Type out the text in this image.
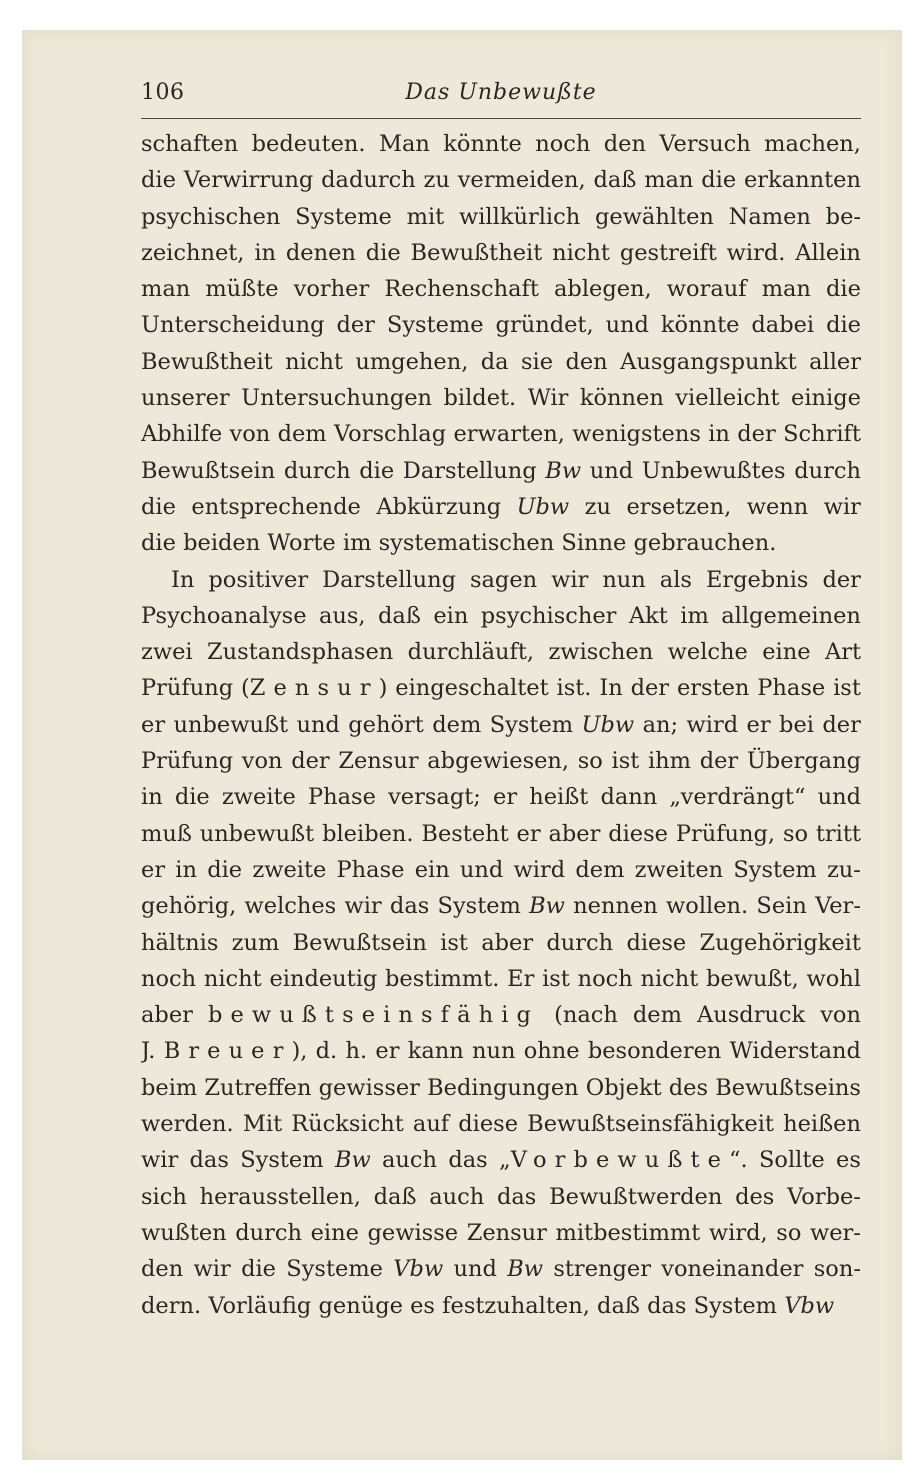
106	Das Unbewußte
schaften bedeuten. Man könnte noch den Versuch machen,
die Verwirrung dadurch zu vermeiden, daß man die erkannten
psychischen Systeme mit willkürlich gewählten Namen be-
zeichnet, in denen die Bewußtheit nicht gestreift wird. Allein
man müßte vorher Rechenschaft ablegen, worauf man die
Unterscheidung der Systeme gründet, und könnte dabei die
Bewußtheit nicht umgehen, da sie den Ausgangspunkt aller
unserer Untersuchungen bildet. Wir können vielleicht einige
Abhilfe von dem Vorschlag erwarten, wenigstens in der Schrift
Bewußtsein durch die Darstellung Bw und Unbewußtes durch
die entsprechende Abkürzung Ubw zu ersetzen, wenn wir
die beiden Worte im systematischen Sinne gebrauchen.
In positiver Darstellung sagen wir nun als Ergebnis der
Psychoanalyse aus, daß ein psychischer Akt im allgemeinen
zwei Zustandsphasen durchläuft, zwischen welche eine Art
Prüfung (Zensur) eingeschaltet ist. In der ersten Phase ist
er unbewußt und gehört dem System Ubw an; wird er bei der
Prüfung von der Zensur abgewiesen, so ist ihm der Übergang
in die zweite Phase versagt; er heißt dann „verdrängt“ und
muß unbewußt bleiben. Besteht er aber diese Prüfung, so tritt
er in die zweite Phase ein und wird dem zweiten System zu-
gehörig, welches wir das System Bw nennen wollen. Sein Ver-
hältnis zum Bewußtsein ist aber durch diese Zugehörigkeit
noch nicht eindeutig bestimmt. Er ist noch nicht bewußt, wohl
aber bewußtseinsfähig (nach dem Ausdruck von
J. Breuer), d. h. er kann nun ohne besonderen Widerstand
beim Zutreffen gewisser Bedingungen Objekt des Bewußtseins
werden. Mit Rücksicht auf diese Bewußtseinsfähigkeit heißen
wir das System Bw auch das „Vorbewußte“. Sollte es
sich herausstellen, daß auch das Bewußtwerden des Vorbe-
wußten durch eine gewisse Zensur mitbestimmt wird, so wer-
den wir die Systeme Vbw und Bw strenger voneinander son-
dern. Vorläufig genüge es festzuhalten, daß das System Vbw
